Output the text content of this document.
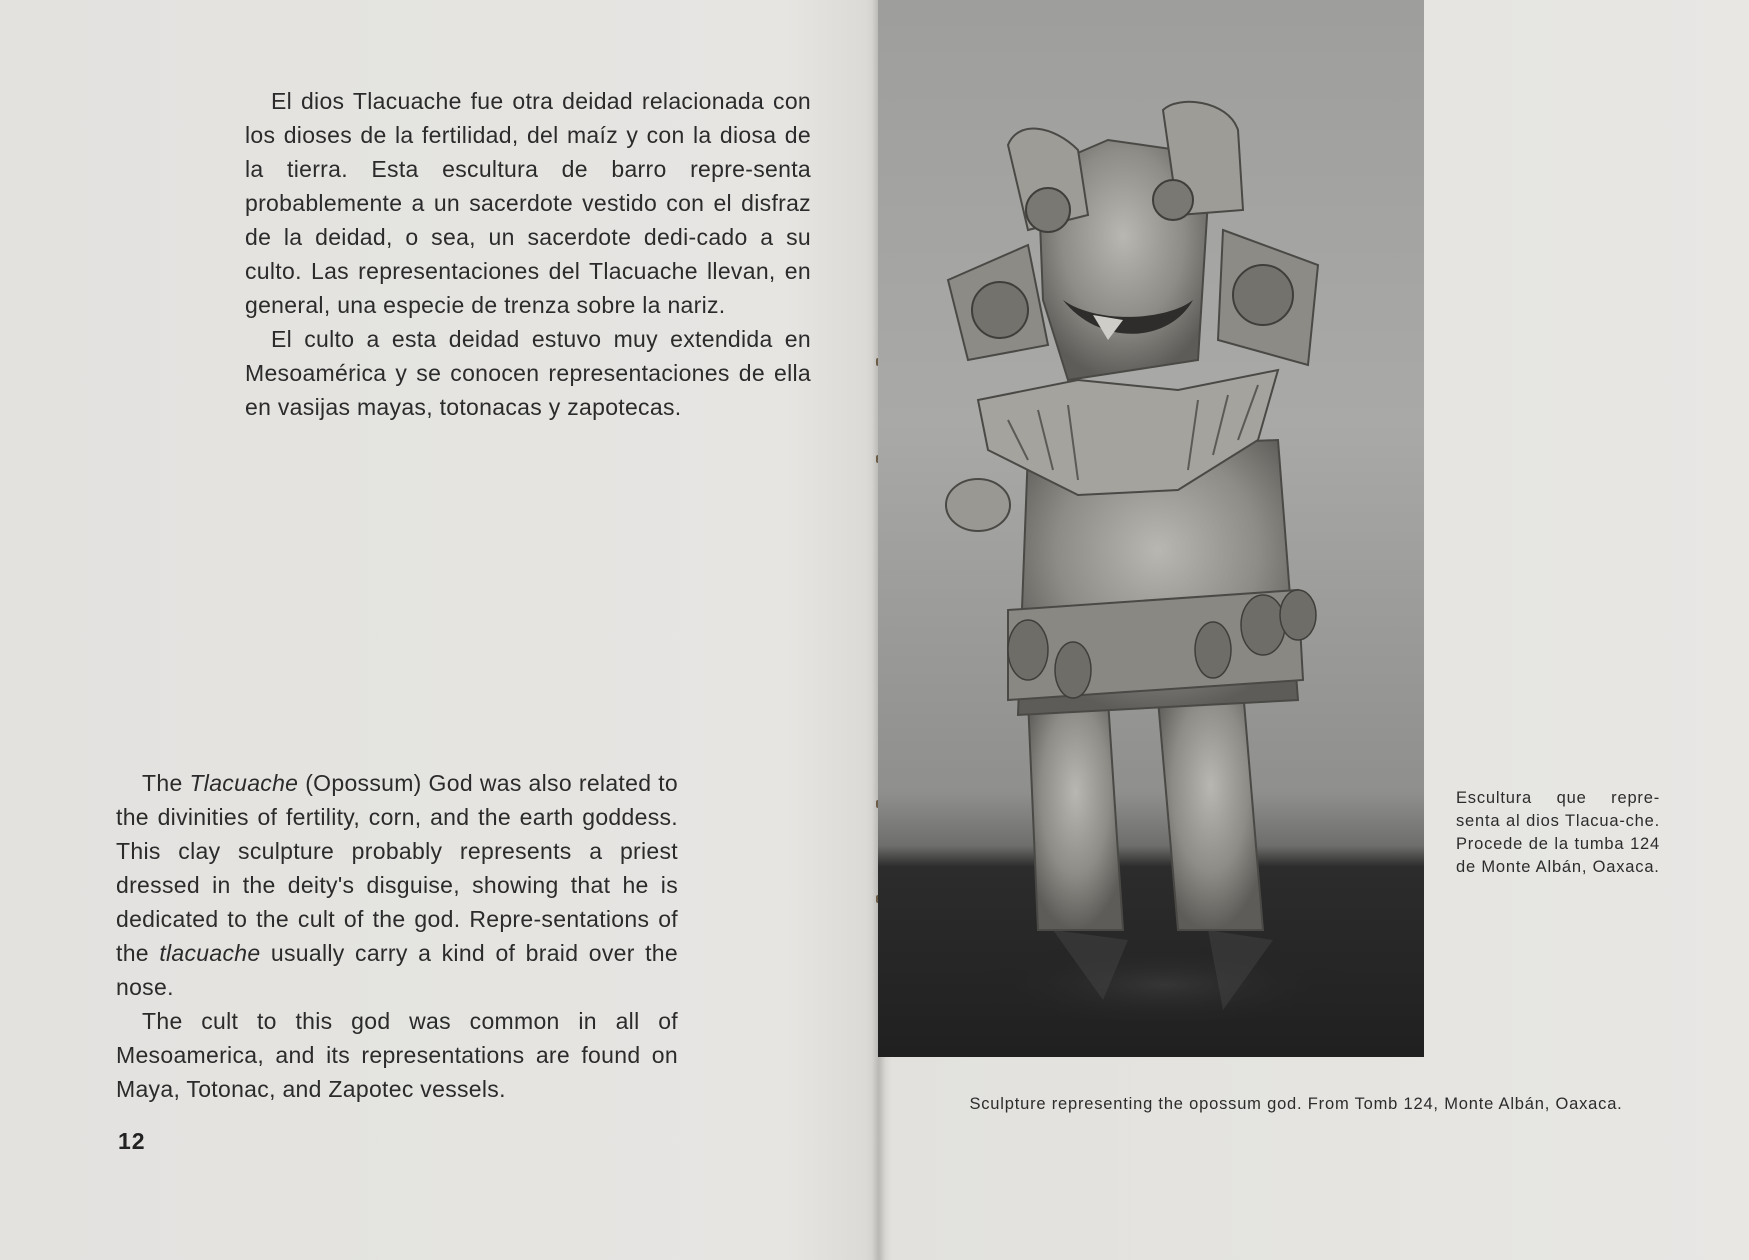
El dios Tlacuache fue otra deidad relacionada con los dioses de la fertilidad, del maíz y con la diosa de la tierra. Esta escultura de barro repre-senta probablemente a un sacerdote vestido con el disfraz de la deidad, o sea, un sacerdote dedi-cado a su culto. Las representaciones del Tlacuache llevan, en general, una especie de trenza sobre la nariz.
El culto a esta deidad estuvo muy extendida en Mesoamérica y se conocen representaciones de ella en vasijas mayas, totonacas y zapotecas.
The Tlacuache (Opossum) God was also related to the divinities of fertility, corn, and the earth goddess. This clay sculpture probably represents a priest dressed in the deity's disguise, showing that he is dedicated to the cult of the god. Repre-sentations of the tlacuache usually carry a kind of braid over the nose.
The cult to this god was common in all of Mesoamerica, and its representations are found on Maya, Totonac, and Zapotec vessels.
12

Escultura que repre-senta al dios Tlacua-che. Procede de la tumba 124 de Monte Albán, Oaxaca.

Sculpture representing the opossum god. From Tomb 124, Monte Albán, Oaxaca.
